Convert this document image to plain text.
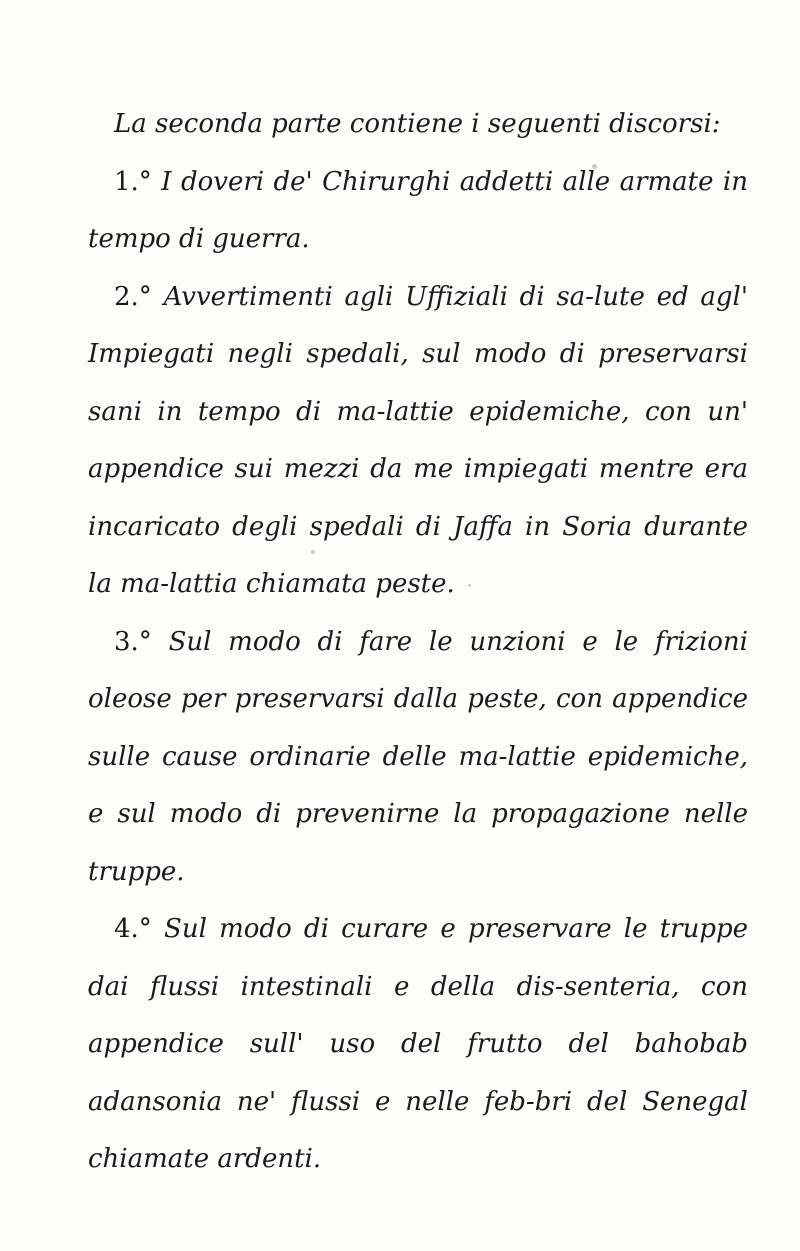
La seconda parte contiene i seguenti discorsi:

1.° I doveri de' Chirurghi addetti alle armate in tempo di guerra.

2.° Avvertimenti agli Uffiziali di sa-lute ed agl' Impiegati negli spedali, sul modo di preservarsi sani in tempo di ma-lattie epidemiche, con un' appendice sui mezzi da me impiegati mentre era incaricato degli spedali di Jaffa in Soria durante la ma-lattia chiamata peste.

3.° Sul modo di fare le unzioni e le frizioni oleose per preservarsi dalla peste, con appendice sulle cause ordinarie delle ma-lattie epidemiche, e sul modo di prevenirne la propagazione nelle truppe.

4.° Sul modo di curare e preservare le truppe dai flussi intestinali e della dis-senteria, con appendice sull' uso del frutto del bahobab adansonia ne' flussi e nelle feb-bri del Senegal chiamate ardenti.
